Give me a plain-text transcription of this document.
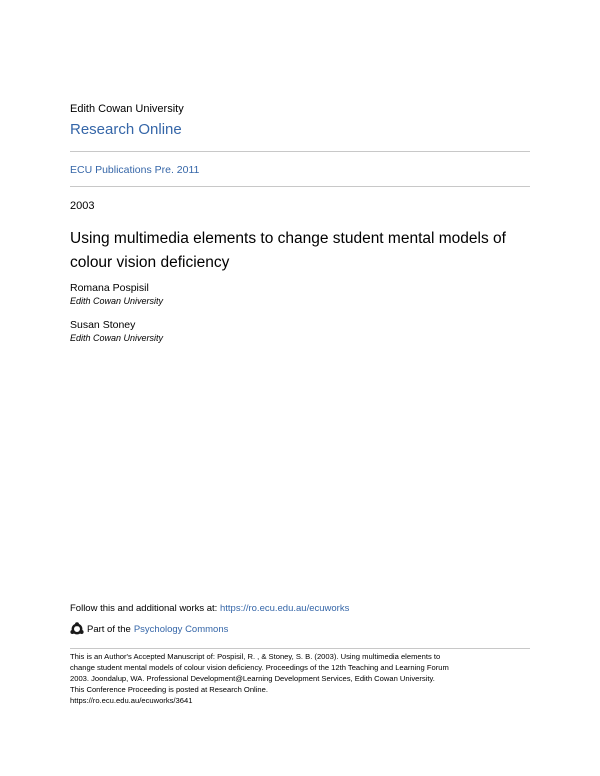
Edith Cowan University
Research Online
ECU Publications Pre. 2011
2003
Using multimedia elements to change student mental models of colour vision deficiency
Romana Pospisil
Edith Cowan University
Susan Stoney
Edith Cowan University
Follow this and additional works at: https://ro.ecu.edu.au/ecuworks
Part of the Psychology Commons
This is an Author's Accepted Manuscript of: Pospisil, R. , & Stoney, S. B. (2003). Using multimedia elements to
change student mental models of colour vision deficiency. Proceedings of the 12th Teaching and Learning Forum
2003. Joondalup, WA. Professional Development@Learning Development Services, Edith Cowan University.
This Conference Proceeding is posted at Research Online.
https://ro.ecu.edu.au/ecuworks/3641
